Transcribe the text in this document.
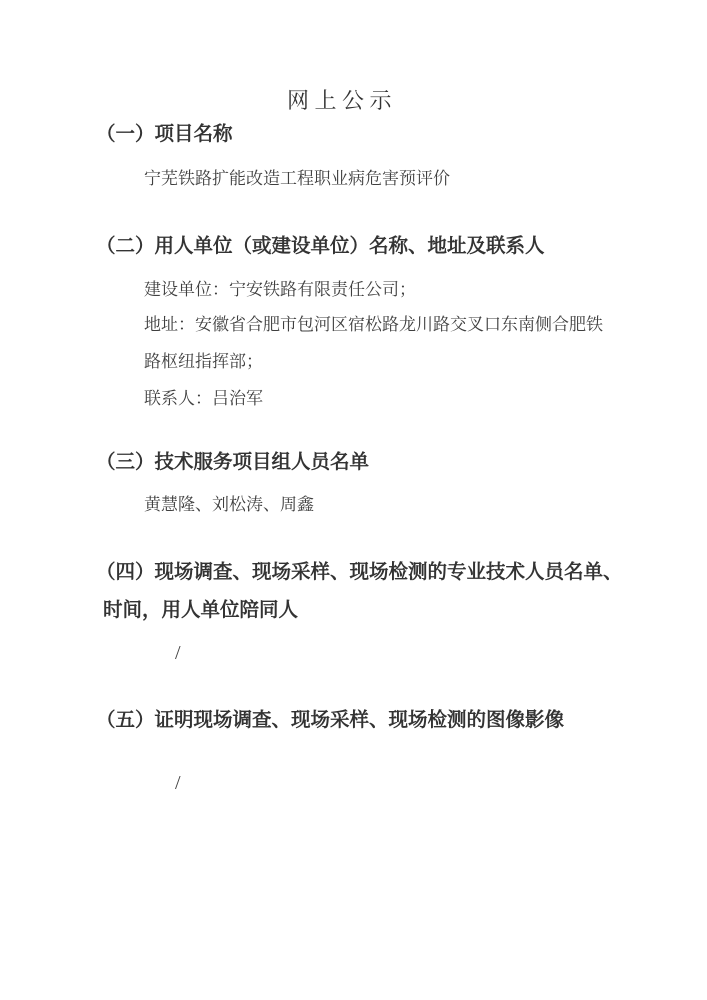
网 上 公 示
（一）项目名称
宁芜铁路扩能改造工程职业病危害预评价
（二）用人单位（或建设单位）名称、地址及联系人
建设单位：宁安铁路有限责任公司；
地址：安徽省合肥市包河区宿松路龙川路交叉口东南侧合肥铁
路枢纽指挥部；
联系人：吕治军
（三）技术服务项目组人员名单
黄慧隆、刘松涛、周鑫
（四）现场调查、现场采样、现场检测的专业技术人员名单、
时间，用人单位陪同人
/
（五）证明现场调查、现场采样、现场检测的图像影像
/
